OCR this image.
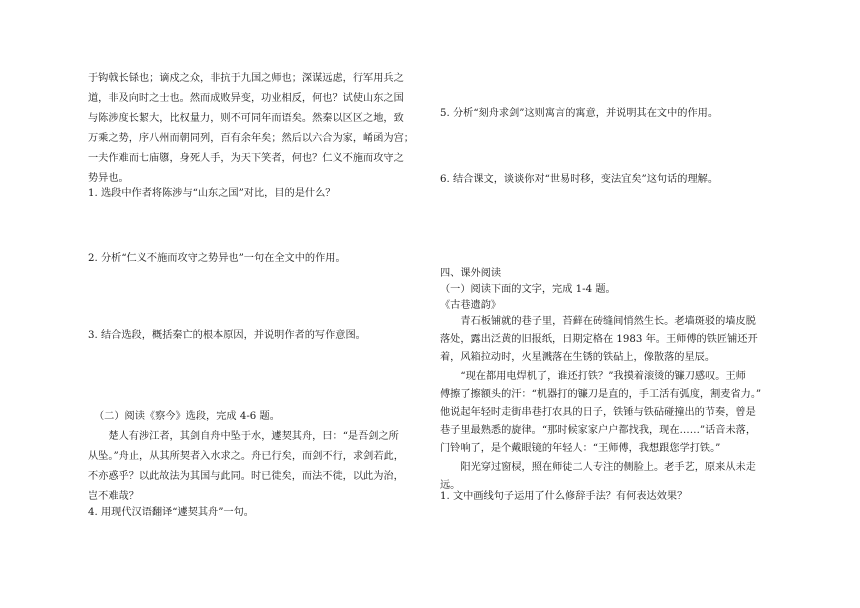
于钩戟长铩也；谪戍之众，非抗于九国之师也；深谋远虑，行军用兵之

道，非及向时之士也。然而成败异变，功业相反，何也？试使山东之国

与陈涉度长絜大，比权量力，则不可同年而语矣。然秦以区区之地，致

万乘之势，序八州而朝同列，百有余年矣；然后以六合为家，崤函为宫；

一夫作难而七庙隳，身死人手，为天下笑者，何也？仁义不施而攻守之

势异也。

1. 选段中作者将陈涉与“山东之国”对比，目的是什么？

2. 分析“仁义不施而攻守之势异也”一句在全文中的作用。

3. 结合选段，概括秦亡的根本原因，并说明作者的写作意图。

（二）阅读《察今》选段，完成 4-6 题。

楚人有涉江者，其剑自舟中坠于水，遽契其舟，曰：“是吾剑之所

从坠。”舟止，从其所契者入水求之。舟已行矣，而剑不行，求剑若此，

不亦惑乎？以此故法为其国与此同。时已徙矣，而法不徙，以此为治，

岂不难哉？

4. 用现代汉语翻译“遽契其舟”一句。

5. 分析“刻舟求剑”这则寓言的寓意，并说明其在文中的作用。

6. 结合课文，谈谈你对“世易时移，变法宜矣”这句话的理解。

四、课外阅读

（一）阅读下面的文字，完成 1-4 题。

《古巷遗韵》

青石板铺就的巷子里，苔藓在砖缝间悄然生长。老墙斑驳的墙皮脱

落处，露出泛黄的旧报纸，日期定格在 1983 年。王师傅的铁匠铺还开

着，风箱拉动时，火星溅落在生锈的铁砧上，像散落的星辰。

“现在都用电焊机了，谁还打铁？”我摸着滚烫的镰刀感叹。王师

傅擦了擦额头的汗：“机器打的镰刀是直的，手工活有弧度，割麦省力。”

他说起年轻时走街串巷打农具的日子，铁锤与铁砧碰撞出的节奏，曾是

巷子里最熟悉的旋律。“那时候家家户户都找我，现在……”话音未落，

门铃响了，是个戴眼镜的年轻人：“王师傅，我想跟您学打铁。”

阳光穿过窗棂，照在师徒二人专注的侧脸上。老手艺，原来从未走

远。

1. 文中画线句子运用了什么修辞手法？有何表达效果？
